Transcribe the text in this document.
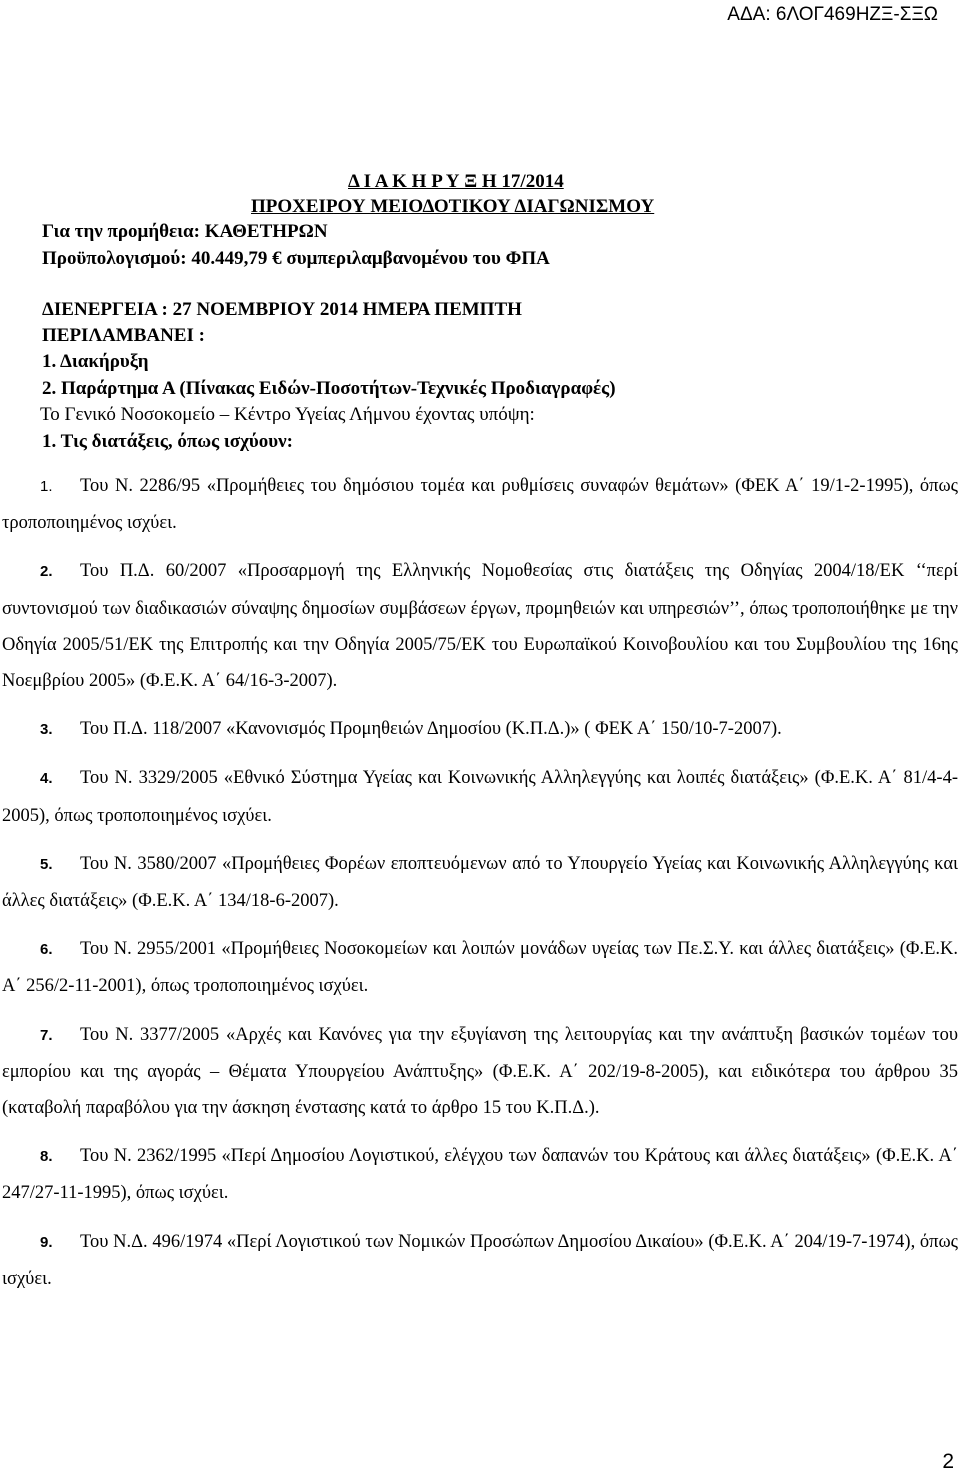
ΑΔΑ: 6ΛΟΓ469ΗΖΞ-ΣΞΩ
Δ Ι Α Κ Η Ρ Υ Ξ Η 17/2014
ΠΡΟΧΕΙΡΟΥ ΜΕΙΟΔΟΤΙΚΟΥ ΔΙΑΓΩΝΙΣΜΟΥ
Για την προμήθεια: ΚΑΘΕΤΗΡΩΝ
Προϋπολογισμού: 40.449,79 € συμπεριλαμβανομένου του ΦΠΑ
ΔΙΕΝΕΡΓΕΙΑ : 27 ΝΟΕΜΒΡΙΟΥ 2014 ΗΜΕΡΑ ΠΕΜΠΤΗ
ΠΕΡΙΛΑΜΒΑΝΕΙ :
1. Διακήρυξη
2. Παράρτημα Α (Πίνακας Ειδών-Ποσοτήτων-Τεχνικές Προδιαγραφές)
Το Γενικό Νοσοκομείο – Κέντρο Υγείας Λήμνου έχοντας υπόψη:
1. Τις διατάξεις, όπως ισχύουν:

1. Του Ν. 2286/95 «Προμήθειες του δημόσιου τομέα και ρυθμίσεις συναφών θεμάτων» (ΦΕΚ Α΄ 19/1-2-1995), όπως τροποποιημένος ισχύει.

2. Του Π.Δ. 60/2007 «Προσαρμογή της Ελληνικής Νομοθεσίας στις διατάξεις της Οδηγίας 2004/18/ΕΚ ‘‘περί συντονισμού των διαδικασιών σύναψης δημοσίων συμβάσεων έργων, προμηθειών και υπηρεσιών’’, όπως τροποποιήθηκε με την Οδηγία 2005/51/ΕΚ της Επιτροπής και την Οδηγία 2005/75/ΕΚ του Ευρωπαϊκού Κοινοβουλίου και του Συμβουλίου της 16ης Νοεμβρίου 2005» (Φ.Ε.Κ. Α΄ 64/16-3-2007).

3. Του Π.Δ. 118/2007 «Κανονισμός Προμηθειών Δημοσίου (Κ.Π.Δ.)» ( ΦΕΚ Α΄ 150/10-7-2007).

4. Του Ν. 3329/2005 «Εθνικό Σύστημα Υγείας και Κοινωνικής Αλληλεγγύης και λοιπές διατάξεις» (Φ.Ε.Κ. Α΄ 81/4-4-2005), όπως τροποποιημένος ισχύει.

5. Του Ν. 3580/2007 «Προμήθειες Φορέων εποπτευόμενων από το Υπουργείο Υγείας και Κοινωνικής Αλληλεγγύης και άλλες διατάξεις» (Φ.Ε.Κ. Α΄ 134/18-6-2007).

6. Του Ν. 2955/2001 «Προμήθειες Νοσοκομείων και λοιπών μονάδων υγείας των Πε.Σ.Υ. και άλλες διατάξεις» (Φ.Ε.Κ. Α΄ 256/2-11-2001), όπως τροποποιημένος ισχύει.

7. Του Ν. 3377/2005 «Αρχές και Κανόνες για την εξυγίανση της λειτουργίας και την ανάπτυξη βασικών τομέων του εμπορίου και της αγοράς – Θέματα Υπουργείου Ανάπτυξης» (Φ.Ε.Κ. Α΄ 202/19-8-2005), και ειδικότερα του άρθρου 35 (καταβολή παραβόλου για την άσκηση ένστασης κατά το άρθρο 15 του Κ.Π.Δ.).

8. Του Ν. 2362/1995 «Περί Δημοσίου Λογιστικού, ελέγχου των δαπανών του Κράτους και άλλες διατάξεις» (Φ.Ε.Κ. Α΄ 247/27-11-1995), όπως ισχύει.

9. Του Ν.Δ. 496/1974 «Περί Λογιστικού των Νομικών Προσώπων Δημοσίου Δικαίου» (Φ.Ε.Κ. Α΄ 204/19-7-1974), όπως ισχύει.

2
